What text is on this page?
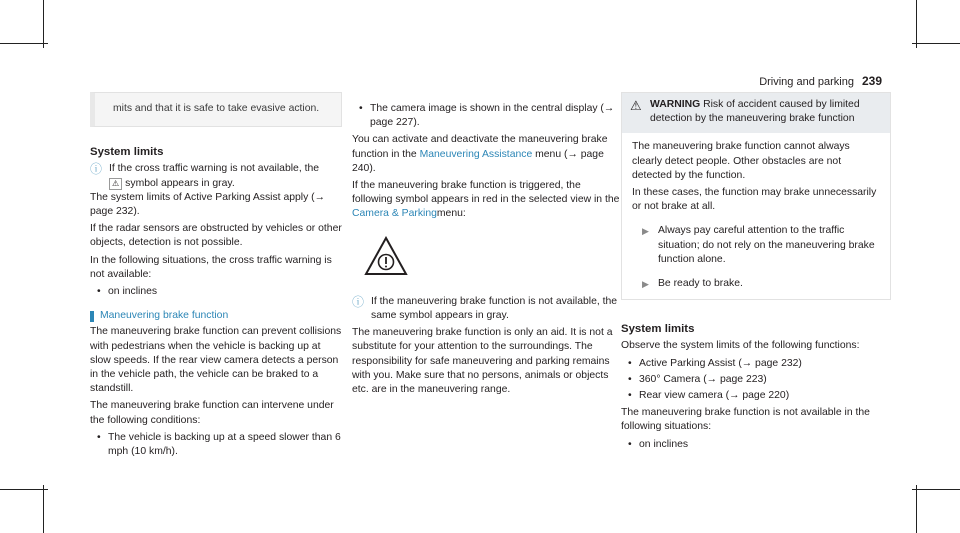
Driving and parking 239

mits and that it is safe to take evasive action.

System limits
ⓘ If the cross traffic warning is not available, the
⚠ symbol appears in gray.

The system limits of Active Parking Assist apply (→ page 232).

If the radar sensors are obstructed by vehicles or other objects, detection is not possible.

In the following situations, the cross traffic warning is not available:

• on inclines
Maneuvering brake function

The maneuvering brake function can prevent collisions with pedestrians when the vehicle is backing up at slow speeds. If the rear view camera detects a person in the vehicle path, the vehicle can be braked to a standstill.

The maneuvering brake function can intervene under the following conditions:

• The vehicle is backing up at a speed slower than 6 mph (10 km/h).
• The camera image is shown in the central display (→ page 227).

You can activate and deactivate the maneuvering brake function in the Maneuvering Assistance menu (→ page 240).

If the maneuvering brake function is triggered, the following symbol appears in red in the selected view in the Camera & Parkingmenu:

ⓘ If the maneuvering brake function is not available, the same symbol appears in gray.

The maneuvering brake function is only an aid. It is not a substitute for your attention to the surroundings. The responsibility for safe maneuvering and parking remains with you. Make sure that no persons, animals or objects etc. are in the maneuvering range.

⚠ WARNING Risk of accident caused by limited detection by the maneuvering brake function

The maneuvering brake function cannot always clearly detect people. Other obstacles are not detected by the function.

In these cases, the function may brake unnecessarily or not brake at all.

▶ Always pay careful attention to the traffic situation; do not rely on the maneuvering brake function alone.
▶ Be ready to brake.
System limits

Observe the system limits of the following functions:

• Active Parking Assist (→ page 232)
• 360° Camera (→ page 223)
• Rear view camera (→ page 220)

The maneuvering brake function is not available in the following situations:

• on inclines
